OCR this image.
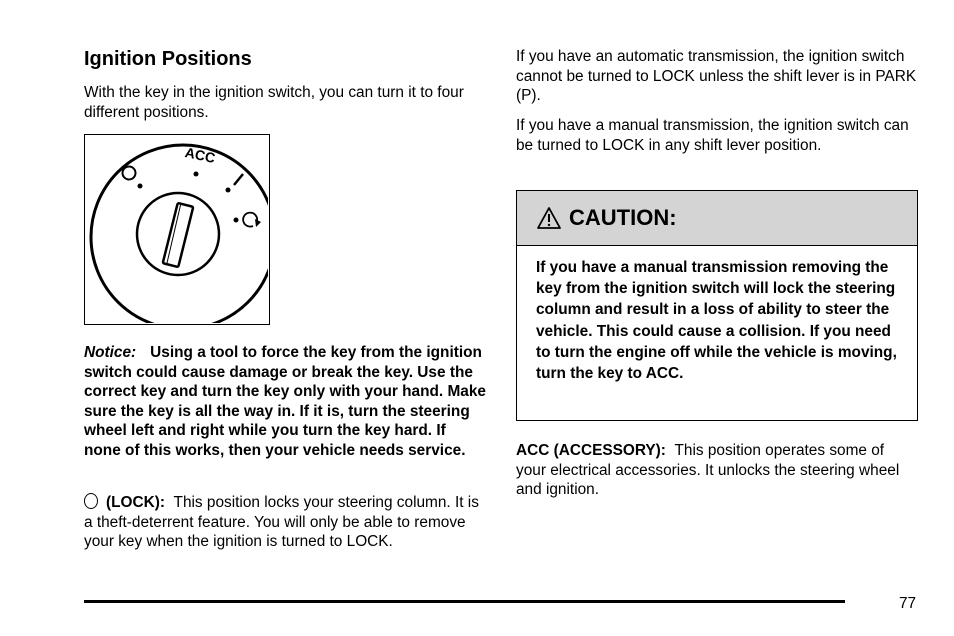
Ignition Positions

With the key in the ignition switch, you can turn it to four different positions.

ACC

Notice: Using a tool to force the key from the ignition switch could cause damage or break the key. Use the correct key and turn the key only with your hand. Make sure the key is all the way in. If it is, turn the steering wheel left and right while you turn the key hard. If none of this works, then your vehicle needs service.

(LOCK): This position locks your steering column. It is a theft-deterrent feature. You will only be able to remove your key when the ignition is turned to LOCK.

If you have an automatic transmission, the ignition switch cannot be turned to LOCK unless the shift lever is in PARK (P).

If you have a manual transmission, the ignition switch can be turned to LOCK in any shift lever position.

CAUTION:
If you have a manual transmission removing the key from the ignition switch will lock the steering column and result in a loss of ability to steer the vehicle. This could cause a collision. If you need to turn the engine off while the vehicle is moving, turn the key to ACC.

ACC (ACCESSORY): This position operates some of your electrical accessories. It unlocks the steering wheel and ignition.

77
